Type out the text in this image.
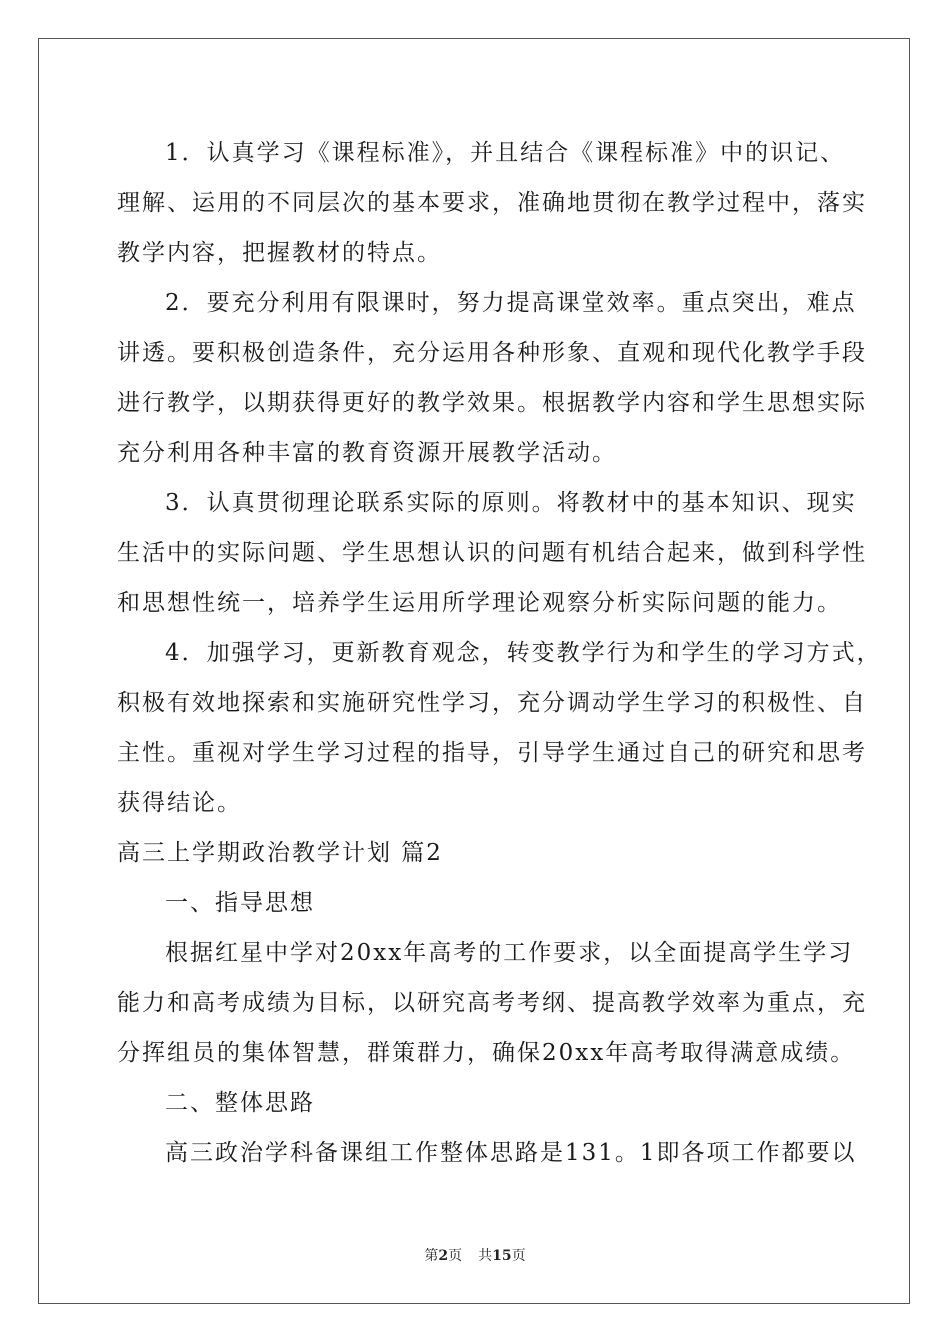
1．认真学习《课程标准》，并且结合《课程标准》中的识记、
理解、运用的不同层次的基本要求，准确地贯彻在教学过程中，落实
教学内容，把握教材的特点。
2．要充分利用有限课时，努力提高课堂效率。重点突出，难点
讲透。要积极创造条件，充分运用各种形象、直观和现代化教学手段
进行教学，以期获得更好的教学效果。根据教学内容和学生思想实际
充分利用各种丰富的教育资源开展教学活动。
3．认真贯彻理论联系实际的原则。将教材中的基本知识、现实
生活中的实际问题、学生思想认识的问题有机结合起来，做到科学性
和思想性统一，培养学生运用所学理论观察分析实际问题的能力。
4．加强学习，更新教育观念，转变教学行为和学生的学习方式，
积极有效地探索和实施研究性学习，充分调动学生学习的积极性、自
主性。重视对学生学习过程的指导，引导学生通过自己的研究和思考
获得结论。
高三上学期政治教学计划 篇2
一、指导思想
根据红星中学对20xx年高考的工作要求，以全面提高学生学习
能力和高考成绩为目标，以研究高考考纲、提高教学效率为重点，充
分挥组员的集体智慧，群策群力，确保20xx年高考取得满意成绩。
二、整体思路
高三政治学科备课组工作整体思路是131。1即各项工作都要以
第2页 共15页
